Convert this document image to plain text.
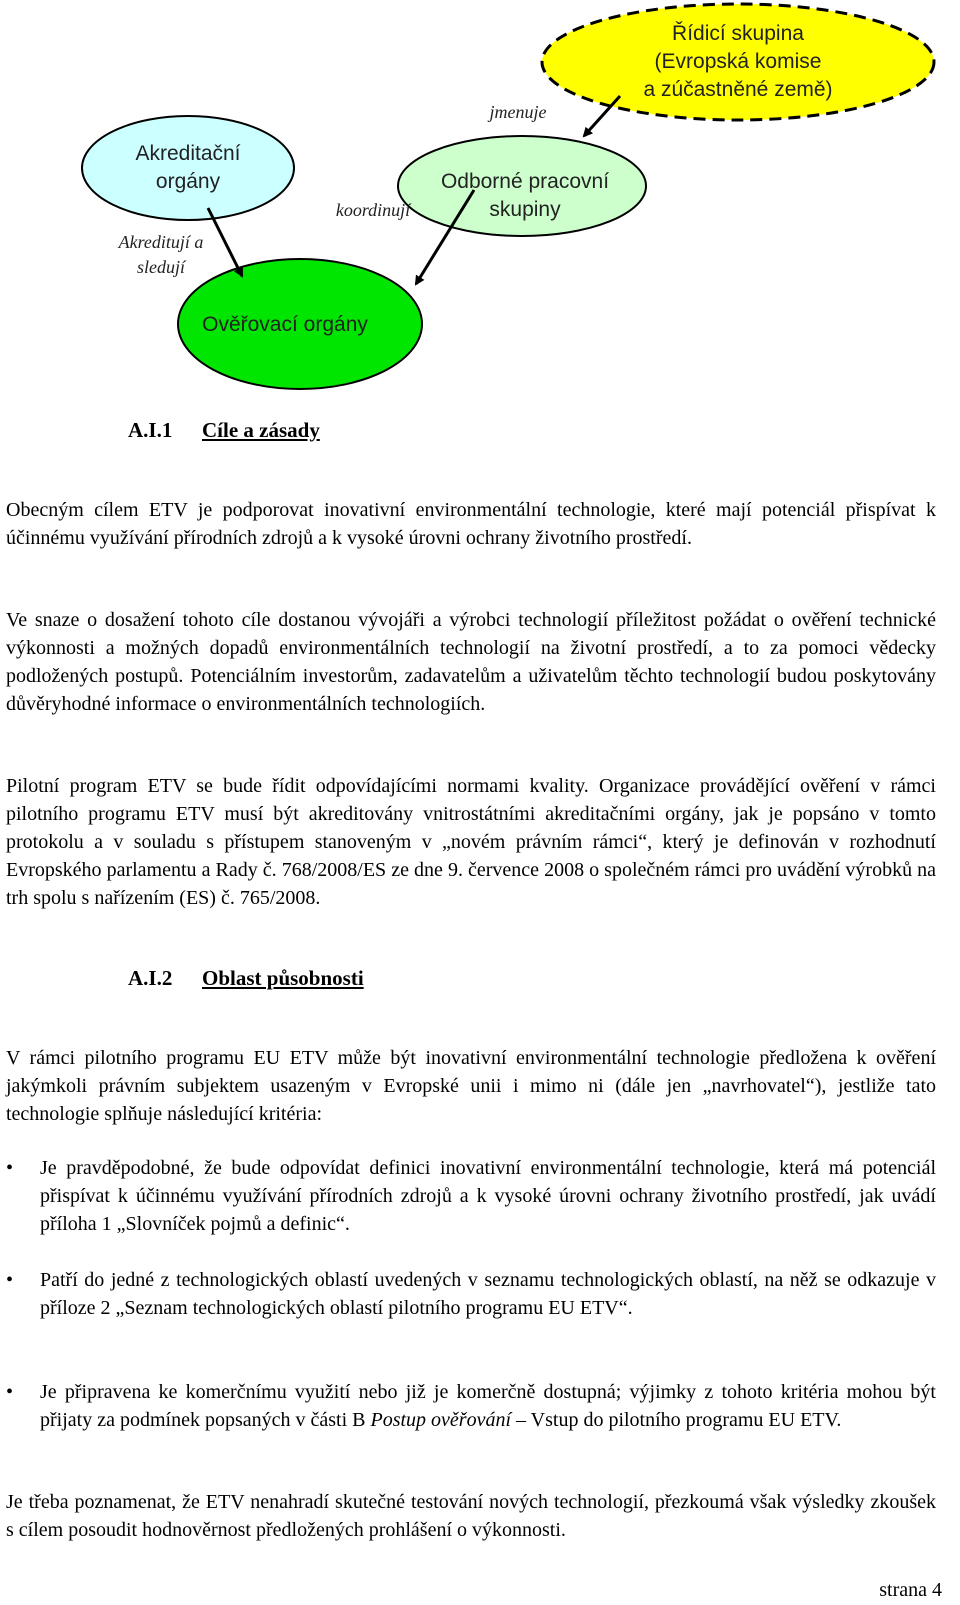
Akreditační
orgány
Řídicí skupina
(Evropská komise
a zúčastněné země)
Odborné pracovní
skupiny
Ověřovací orgány
Akreditují a
sledují
koordinují
jmenuje
A.I.1 Cíle a zásady
Obecným cílem ETV je podporovat inovativní environmentální technologie, které mají potenciál přispívat k účinnému využívání přírodních zdrojů a k vysoké úrovni ochrany životního prostředí.
Ve snaze o dosažení tohoto cíle dostanou vývojáři a výrobci technologií příležitost požádat o ověření technické výkonnosti a možných dopadů environmentálních technologií na životní prostředí, a to za pomoci vědecky podložených postupů. Potenciálním investorům, zadavatelům a uživatelům těchto technologií budou poskytovány důvěryhodné informace o environmentálních technologiích.
Pilotní program ETV se bude řídit odpovídajícími normami kvality. Organizace provádějící ověření v rámci pilotního programu ETV musí být akreditovány vnitrostátními akreditačními orgány, jak je popsáno v tomto protokolu a v souladu s přístupem stanoveným v „novém právním rámci“, který je definován v rozhodnutí Evropského parlamentu a Rady č. 768/2008/ES ze dne 9. července 2008 o společném rámci pro uvádění výrobků na trh spolu s nařízením (ES) č. 765/2008.
A.I.2 Oblast působnosti
V rámci pilotního programu EU ETV může být inovativní environmentální technologie předložena k ověření jakýmkoli právním subjektem usazeným v Evropské unii i mimo ni (dále jen „navrhovatel“), jestliže tato technologie splňuje následující kritéria:
• Je pravděpodobné, že bude odpovídat definici inovativní environmentální technologie, která má potenciál přispívat k účinnému využívání přírodních zdrojů a k vysoké úrovni ochrany životního prostředí, jak uvádí příloha 1 „Slovníček pojmů a definic“.
• Patří do jedné z technologických oblastí uvedených v seznamu technologických oblastí, na něž se odkazuje v příloze 2 „Seznam technologických oblastí pilotního programu EU ETV“.
• Je připravena ke komerčnímu využití nebo již je komerčně dostupná; výjimky z tohoto kritéria mohou být přijaty za podmínek popsaných v části B Postup ověřování – Vstup do pilotního programu EU ETV.
Je třeba poznamenat, že ETV nenahradí skutečné testování nových technologií, přezkoumá však výsledky zkoušek s cílem posoudit hodnověrnost předložených prohlášení o výkonnosti.
strana 4
